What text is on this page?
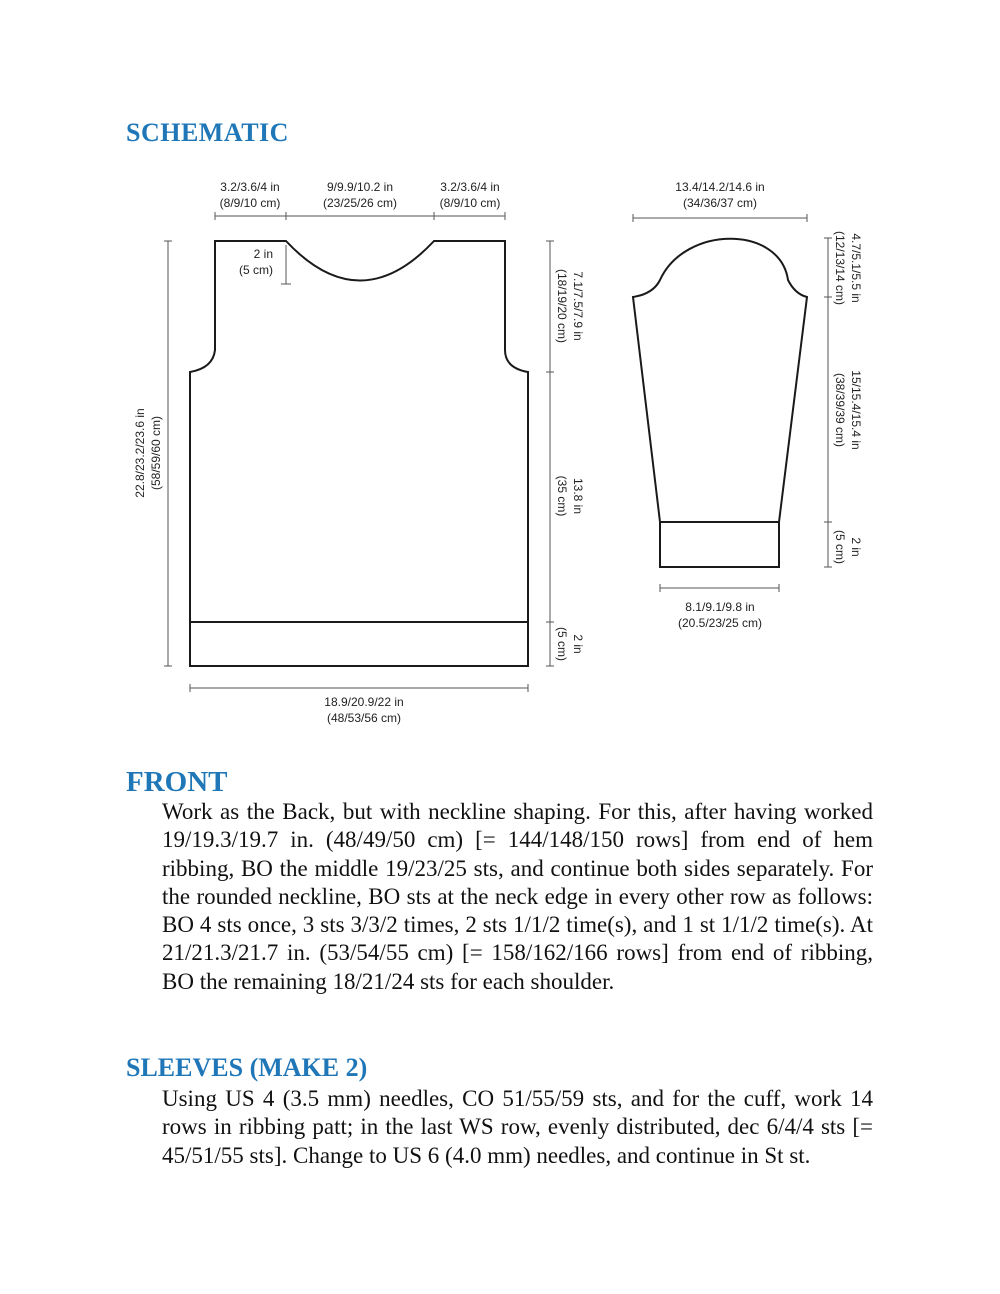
SCHEMATIC
3.2/3.6/4 in
(8/9/10 cm)
9/9.9/10.2 in
(23/25/26 cm)
3.2/3.6/4 in
(8/9/10 cm)
2 in
(5 cm)
22.8/23.2/23.6 in (58/59/60 cm)
7.1/7.5/7.9 in
(18/19/20 cm)
13.8 in
(35 cm)
2 in
(5 cm)
18.9/20.9/22 in
(48/53/56 cm)
13.4/14.2/14.6 in
(34/36/37 cm)
4.7/5.1/5.5 in
(12/13/14 cm)
15/15.4/15.4 in
(38/39/39 cm)
2 in
(5 cm)
8.1/9.1/9.8 in
(20.5/23/25 cm)
FRONT

Work as the Back, but with neckline shaping. For this, after having worked 19/19.3/19.7 in. (48/49/50 cm) [= 144/148/150 rows] from end of hem ribbing, BO the middle 19/23/25 sts, and continue both sides separately. For the rounded neckline, BO sts at the neck edge in every other row as follows: BO 4 sts once, 3 sts 3/3/2 times, 2 sts 1/1/2 time(s), and 1 st 1/1/2 time(s). At 21/21.3/21.7 in. (53/54/55 cm) [= 158/162/166 rows] from end of ribbing, BO the remaining 18/21/24 sts for each shoulder.

SLEEVES (MAKE 2)

Using US 4 (3.5 mm) needles, CO 51/55/59 sts, and for the cuff, work 14 rows in ribbing patt; in the last WS row, evenly distributed, dec 6/4/4 sts [= 45/51/55 sts]. Change to US 6 (4.0 mm) needles, and continue in St st.
